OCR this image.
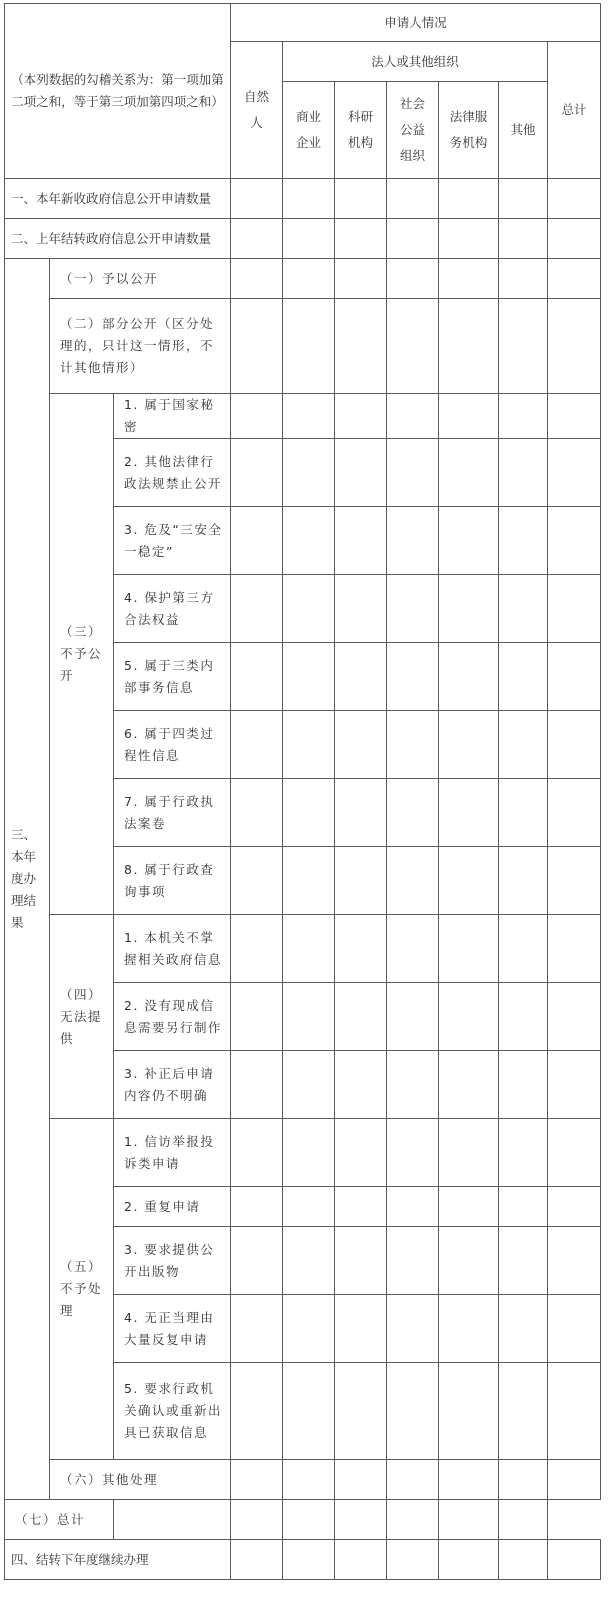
（本列数据的勾稽关系为：第一项加第二项之和，等于第三项加第四项之和）			申请人情况						
			自然人	法人或其他组织					总计
				商业企业	科研机构	社会公益组织	法律服务机构	其他	
一、本年新收政府信息公开申请数量									
二、上年结转政府信息公开申请数量									
三、本年度办理结果	（一）予以公开								
	（二）部分公开（区分处理的，只计这一情形，不计其他情形）								
	（三）不予公开	1. 属于国家秘密							
		2. 其他法律行政法规禁止公开							
		3. 危及“三安全一稳定”							
		4. 保护第三方合法权益							
		5. 属于三类内部事务信息							
		6. 属于四类过程性信息							
		7. 属于行政执法案卷							
		8. 属于行政查询事项							
	（四）无法提供	1. 本机关不掌握相关政府信息							
		2. 没有现成信息需要另行制作							
		3. 补正后申请内容仍不明确							
	（五）不予处理	1. 信访举报投诉类申请							
		2. 重复申请							
		3. 要求提供公开出版物							
		4. 无正当理由大量反复申请							
		5. 要求行政机关确认或重新出具已获取信息							
	（六）其他处理								
（七）总计									
四、结转下年度继续办理									
